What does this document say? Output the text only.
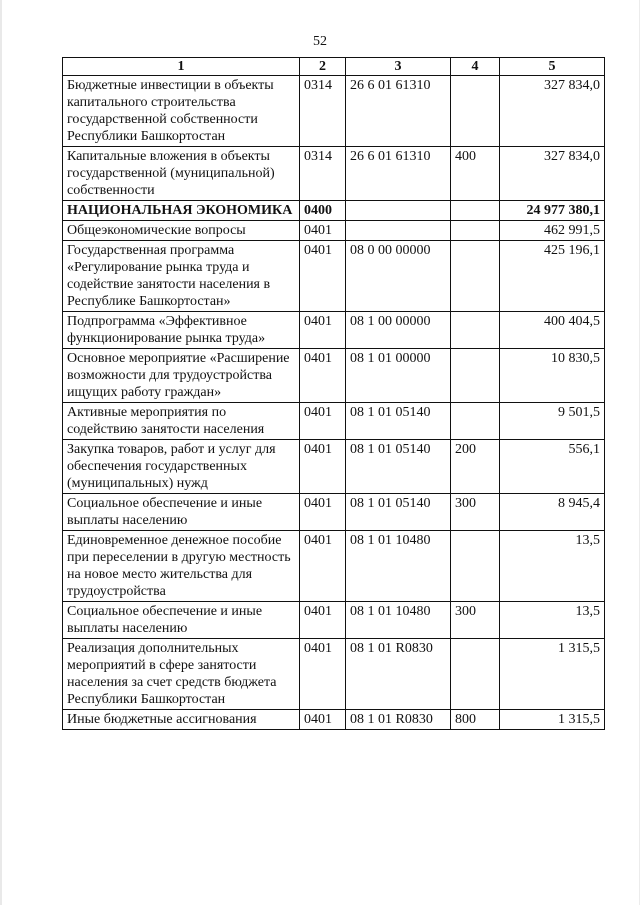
52
1	2	3	4	5
Бюджетные инвестиции в объекты капитального строительства государственной собственности Республики Башкортостан	0314	26 6 01 61310		327 834,0
Капитальные вложения в объекты государственной (муниципальной) собственности	0314	26 6 01 61310	400	327 834,0
НАЦИОНАЛЬНАЯ ЭКОНОМИКА	0400			24 977 380,1
Общеэкономические вопросы	0401			462 991,5
Государственная программа «Регулирование рынка труда и содействие занятости населения в Республике Башкортостан»	0401	08 0 00 00000		425 196,1
Подпрограмма «Эффективное функционирование рынка труда»	0401	08 1 00 00000		400 404,5
Основное мероприятие «Расширение возможности для трудоустройства ищущих работу граждан»	0401	08 1 01 00000		10 830,5
Активные мероприятия по содействию занятости населения	0401	08 1 01 05140		9 501,5
Закупка товаров, работ и услуг для обеспечения государственных (муниципальных) нужд	0401	08 1 01 05140	200	556,1
Социальное обеспечение и иные выплаты населению	0401	08 1 01 05140	300	8 945,4
Единовременное денежное пособие при переселении в другую местность на новое место жительства для трудоустройства	0401	08 1 01 10480		13,5
Социальное обеспечение и иные выплаты населению	0401	08 1 01 10480	300	13,5
Реализация дополнительных мероприятий в сфере занятости населения за счет средств бюджета Республики Башкортостан	0401	08 1 01 R0830		1 315,5
Иные бюджетные ассигнования	0401	08 1 01 R0830	800	1 315,5
